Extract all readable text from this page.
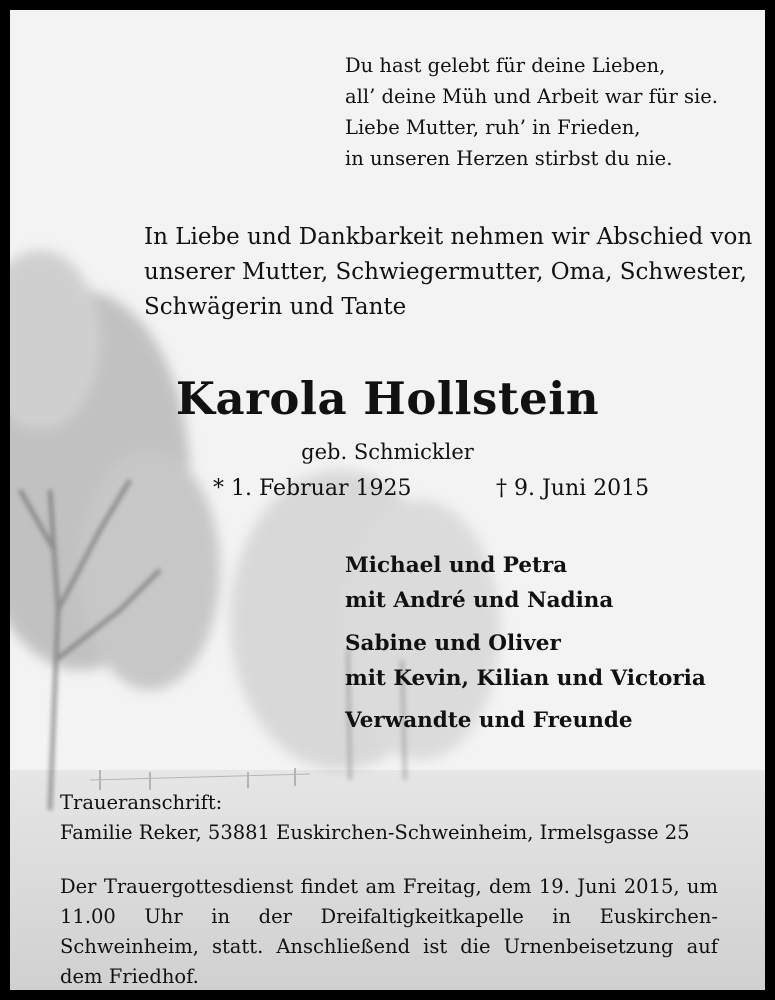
Du hast gelebt für deine Lieben,
all’ deine Müh und Arbeit war für sie.
Liebe Mutter, ruh’ in Frieden,
in unseren Herzen stirbst du nie.
In Liebe und Dankbarkeit nehmen wir Abschied von
unserer Mutter, Schwiegermutter, Oma, Schwester,
Schwägerin und Tante
Karola Hollstein
geb. Schmickler
* 1. Februar 1925	† 9. Juni 2015
Michael und Petra
mit André und Nadina
Sabine und Oliver
mit Kevin, Kilian und Victoria
Verwandte und Freunde
Traueranschrift:
Familie Reker, 53881 Euskirchen-Schweinheim, Irmelsgasse 25
Der Trauergottesdienst findet am Freitag, dem 19. Juni 2015, um 11.00 Uhr in der Dreifaltigkeitkapelle in Euskirchen-Schweinheim, statt. Anschließend ist die Urnenbeisetzung auf dem Friedhof.
